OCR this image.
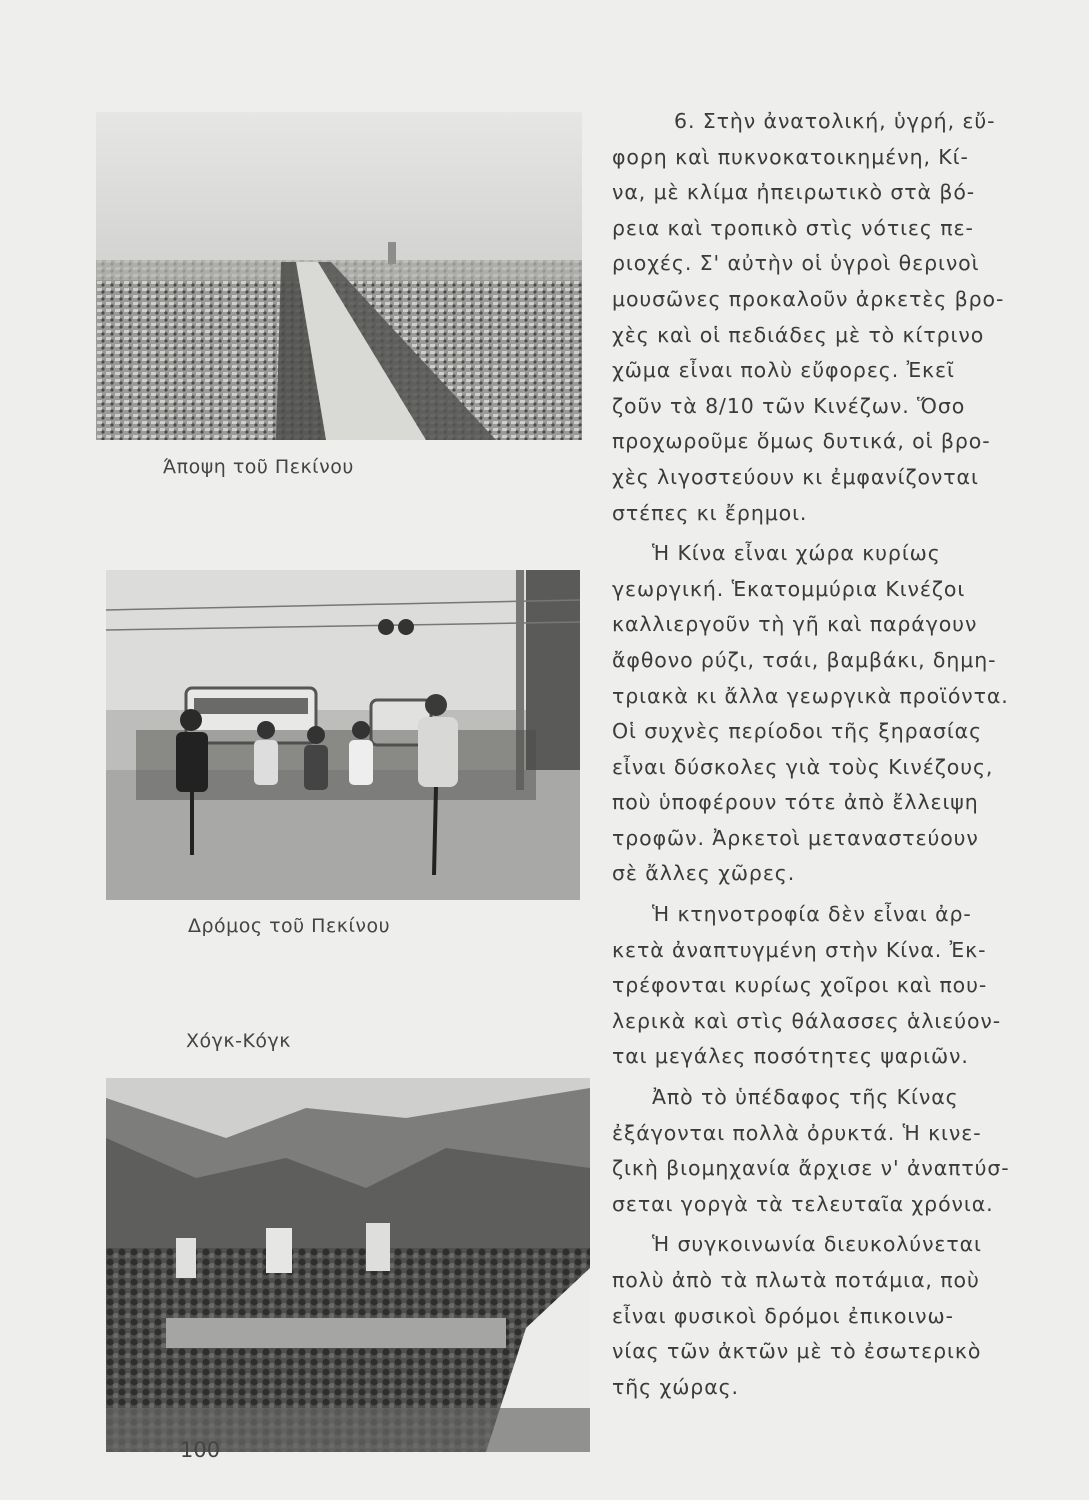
Άποψη τοῦ Πεκίνου
Δρόμος τοῦ Πεκίνου
Χόγκ-Κόγκ

6. Στὴν ἀνατολική, ὑγρή, εὔ-
φορη καὶ πυκνοκατοικημένη, Κί-
να, μὲ κλίμα ἠπειρωτικὸ στὰ βό-
ρεια καὶ τροπικὸ στὶς νότιες πε-
ριοχές. Σ' αὐτὴν οἱ ὑγροὶ θερινοὶ
μουσῶνες προκαλοῦν ἀρκετὲς βρο-
χὲς καὶ οἱ πεδιάδες μὲ τὸ κίτρινο
χῶμα εἶναι πολὺ εὔφορες. Ἐκεῖ
ζοῦν τὰ 8/10 τῶν Κινέζων. Ὅσο
προχωροῦμε ὅμως δυτικά, οἱ βρο-
χὲς λιγοστεύουν κι ἐμφανίζονται
στέπες κι ἔρημοι.

Ἡ Κίνα εἶναι χώρα κυρίως
γεωργική. Ἑκατομμύρια Κινέζοι
καλλιεργοῦν τὴ γῆ καὶ παράγουν
ἄφθονο ρύζι, τσάι, βαμβάκι, δημη-
τριακὰ κι ἄλλα γεωργικὰ προϊόντα.
Οἱ συχνὲς περίοδοι τῆς ξηρασίας
εἶναι δύσκολες γιὰ τοὺς Κινέζους,
ποὺ ὑποφέρουν τότε ἀπὸ ἔλλειψη
τροφῶν. Ἀρκετοὶ μεταναστεύουν
σὲ ἄλλες χῶρες.

Ἡ κτηνοτροφία δὲν εἶναι ἀρ-
κετὰ ἀναπτυγμένη στὴν Κίνα. Ἐκ-
τρέφονται κυρίως χοῖροι καὶ που-
λερικὰ καὶ στὶς θάλασσες ἁλιεύον-
ται μεγάλες ποσότητες ψαριῶν.

Ἀπὸ τὸ ὑπέδαφος τῆς Κίνας
ἐξάγονται πολλὰ ὀρυκτά. Ἡ κινε-
ζικὴ βιομηχανία ἄρχισε ν' ἀναπτύσ-
σεται γοργὰ τὰ τελευταῖα χρόνια.

Ἡ συγκοινωνία διευκολύνεται
πολὺ ἀπὸ τὰ πλωτὰ ποτάμια, ποὺ
εἶναι φυσικοὶ δρόμοι ἐπικοινω-
νίας τῶν ἀκτῶν μὲ τὸ ἐσωτερικὸ
τῆς χώρας.

100
